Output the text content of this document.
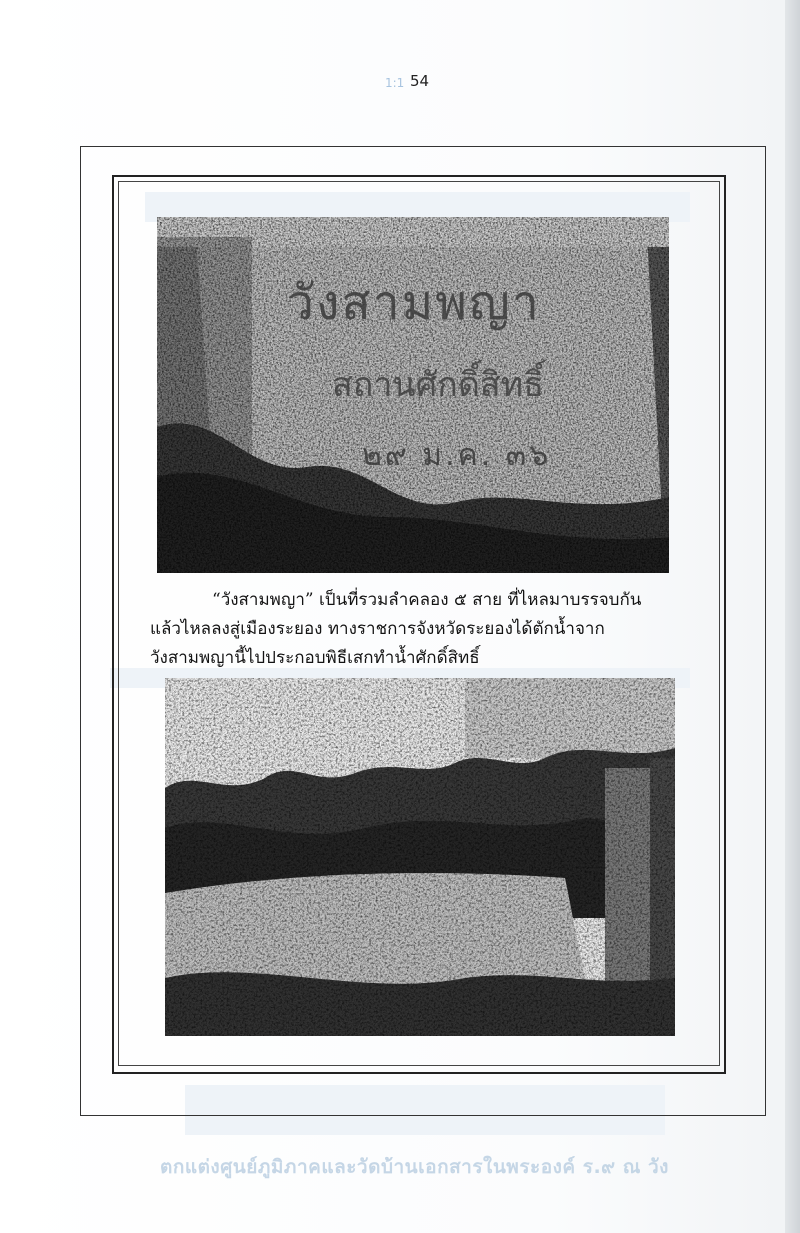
1:1 54
วังสามพญา
สถานศักดิ์สิทธิ์
๒๙ ม.ค. ๓๖
“วังสามพญา” เป็นที่รวมลำคลอง ๕ สาย ที่ไหลมาบรรจบกัน
แล้วไหลลงสู่เมืองระยอง ทางราชการจังหวัดระยองได้ตักน้ำจาก
วังสามพญานี้ไปประกอบพิธีเสกทำน้ำศักดิ์สิทธิ์
ตกแต่งศูนย์ภูมิภาคและวัดบ้านเอกสารในพระองค์ ร.๙ ณ วัง
